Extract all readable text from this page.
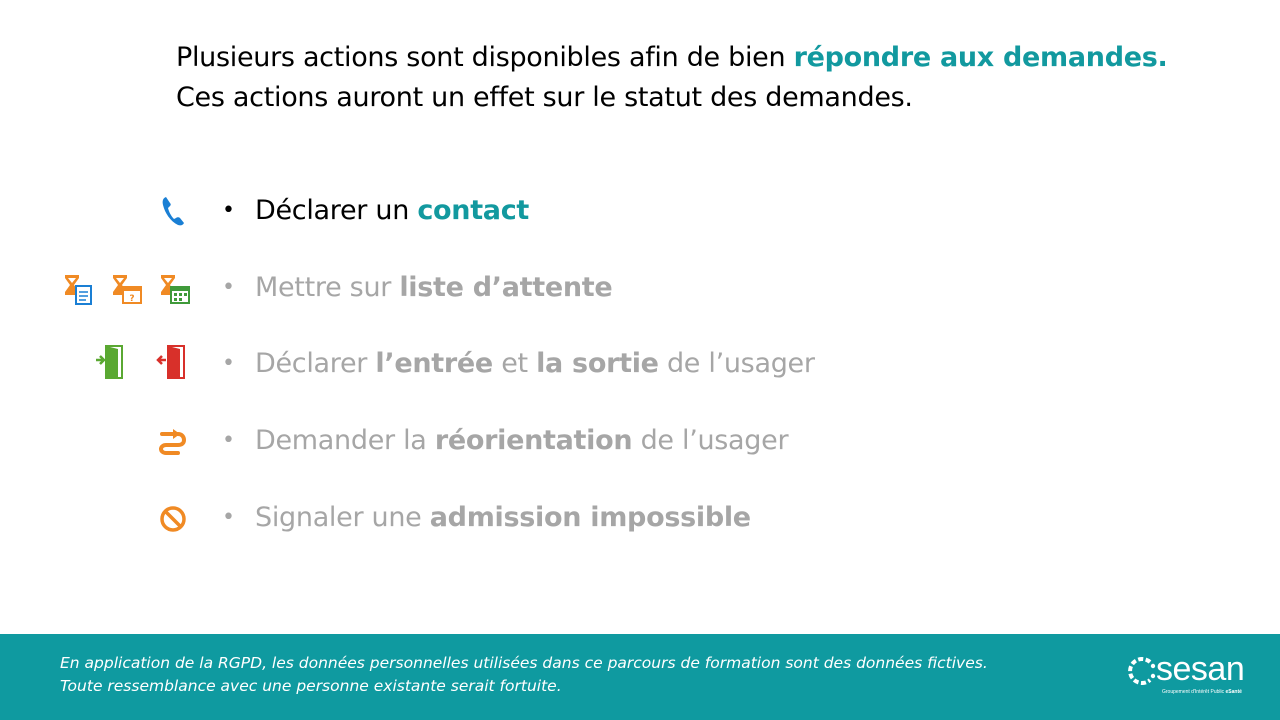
Plusieurs actions sont disponibles afin de bien répondre aux demandes.
Ces actions auront un effet sur le statut des demandes.
• Déclarer un contact
?	• Mettre sur liste d’attente
• Déclarer l’entrée et la sortie de l’usager
• Demander la réorientation de l’usager
• Signaler une admission impossible
En application de la RGPD, les données personnelles utilisées dans ce parcours de formation sont des données fictives.
Toute ressemblance avec une personne existante serait fortuite.	sesan
Groupement d'Intérêt Public eSanté
